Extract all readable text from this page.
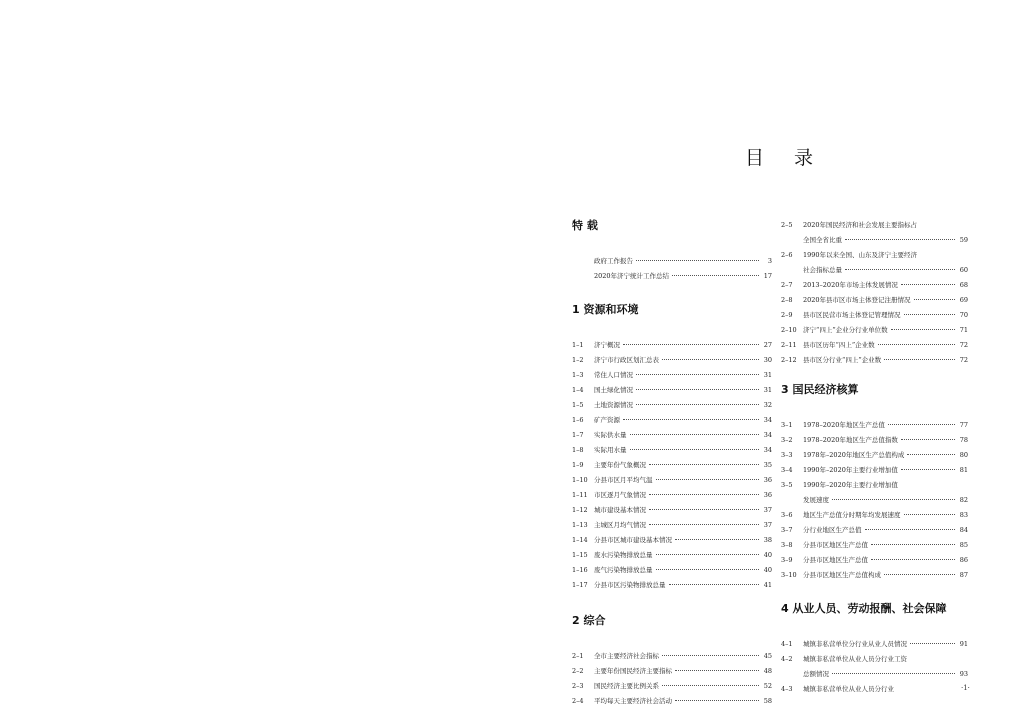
目 录
特 载
政府工作报告	3
2020年济宁统计工作总结	17
1 资源和环境
1–1	济宁概况	27
1–2	济宁市行政区划汇总表	30
1–3	常住人口情况	31
1–4	国土绿化情况	31
1–5	土地资源情况	32
1–6	矿产资源	34
1–7	实际供水量	34
1–8	实际用水量	34
1–9	主要年份气象概况	35
1–10 分县市区月平均气温	36
1–11 市区逐月气象情况	36
1–12 城市建设基本情况	37
1–13 主城区月均气情况	37
1–14 分县市区城市建设基本情况	38
1–15 废水污染物排放总量	40
1–16 废气污染物排放总量	40
1–17 分县市区污染物排放总量	41
2 综合
2–1	全市主要经济社会指标	45
2–2	主要年份国民经济主要指标	48
2–3	国民经济主要比例关系	52
2–4	平均每天主要经济社会活动	58
2–5	2020年国民经济和社会发展主要指标占
全国全省比重	59
2–6	1990年以来全国、山东及济宁主要经济
社会指标总量	60
2–7	2013–2020年市场主体发展情况	68
2–8	2020年县市区市场主体登记注册情况	69
2–9	县市区民营市场主体登记管理情况	70
2–10 济宁“四上”企业分行业单位数	71
2–11 县市区历年“四上”企业数	72
2–12 县市区分行业“四上”企业数	72
3 国民经济核算
3–1	1978–2020年地区生产总值	77
3–2	1978–2020年地区生产总值指数	78
3–3	1978年–2020年地区生产总值构成	80
3–4	1990年–2020年主要行业增加值	81
3–5	1990年–2020年主要行业增加值
发展速度	82
3–6	地区生产总值分时期年均发展速度	83
3–7	分行业地区生产总值	84
3–8	分县市区地区生产总值	85
3–9	分县市区地区生产总值	86
3–10 分县市区地区生产总值构成	87
4 从业人员、劳动报酬、社会保障
4–1	城镇非私营单位分行业从业人员情况	91
4–2	城镇非私营单位从业人员分行业工资
总额情况	93
4–3	城镇非私营单位从业人员分行业	·1·
